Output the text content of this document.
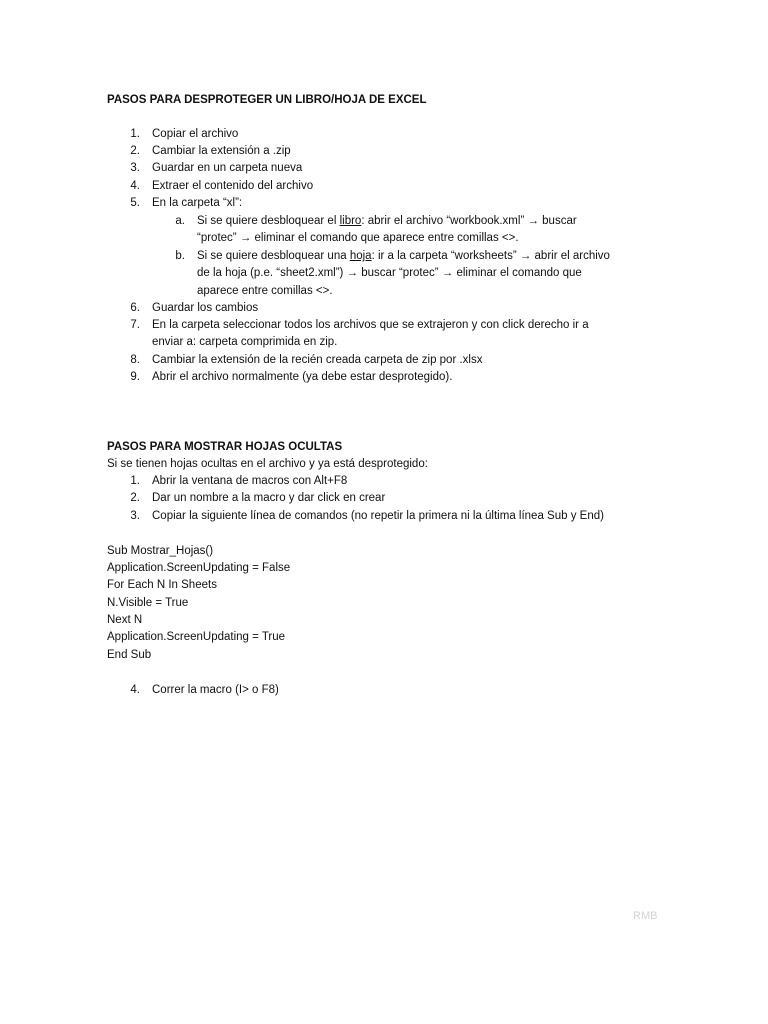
PASOS PARA DESPROTEGER UN LIBRO/HOJA DE EXCEL
1. Copiar el archivo
2. Cambiar la extensión a .zip
3. Guardar en un carpeta nueva
4. Extraer el contenido del archivo
5. En la carpeta “xl”:
a. Si se quiere desbloquear el libro: abrir el archivo “workbook.xml” → buscar
“protec” → eliminar el comando que aparece entre comillas <>.
b. Si se quiere desbloquear una hoja: ir a la carpeta “worksheets” → abrir el archivo
de la hoja (p.e. “sheet2.xml”) → buscar “protec” → eliminar el comando que
aparece entre comillas <>.
6. Guardar los cambios
7. En la carpeta seleccionar todos los archivos que se extrajeron y con click derecho ir a
enviar a: carpeta comprimida en zip.
8. Cambiar la extensión de la recién creada carpeta de zip por .xlsx
9. Abrir el archivo normalmente (ya debe estar desprotegido).
PASOS PARA MOSTRAR HOJAS OCULTAS
Si se tienen hojas ocultas en el archivo y ya está desprotegido:
1. Abrir la ventana de macros con Alt+F8
2. Dar un nombre a la macro y dar click en crear
3. Copiar la siguiente línea de comandos (no repetir la primera ni la última línea Sub y End)
Sub Mostrar_Hojas()
Application.ScreenUpdating = False
For Each N In Sheets
N.Visible = True
Next N
Application.ScreenUpdating = True
End Sub
4. Correr la macro (I> o F8)
RMB
